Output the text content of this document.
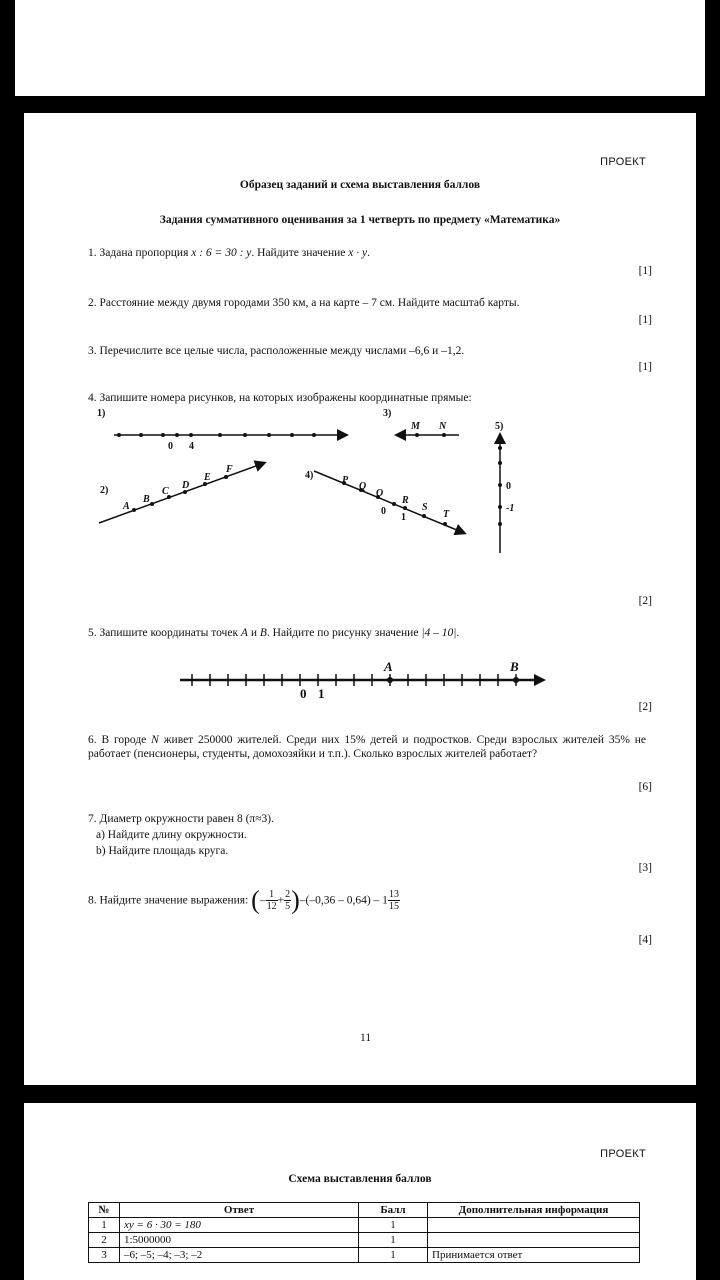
ПРОЕКТ
Образец заданий и схема выставления баллов
Задания суммативного оценивания за 1 четверть по предмету «Математика»
1. Задана пропорция x : 6 = 30 : y. Найдите значение x · y.
[1]
2. Расстояние между двумя городами 350 км, а на карте – 7 см. Найдите масштаб карты.
[1]
3. Перечислите все целые числа, расположенные между числами –6,6 и –1,2.
[1]
4. Запишите номера рисунков, на которых изображены координатные прямые:
1)
0 4
2)
A
B
C
D
E
F
3)
M N
4)	P
Q
O
R
S
T
0
1
5)
0
-1
[2]
5. Запишите координаты точек A и B. Найдите по рисунку значение |4 – 10|.
0 1
A	B
[2]
6. В городе N живет 250000 жителей. Среди них 15% детей и подростков. Среди взрослых жителей 35% не работает (пенсионеры, студенты, домохозяйки и т.п.). Сколько взрослых жителей работает?
[6]
7. Диаметр окружности равен 8 (π≈3).
a) Найдите длину окружности.
b) Найдите площадь круга.
[3]
8. Найдите значение выражения: (– $\frac{1}{12} + \frac{2}{5} )-(-0,36 - 0,64) - 1 \frac{13}{15}$
[4]
11
ПРОЕКТ
Схема выставления баллов
№	Ответ	Балл	Дополнительная информация
1	xy = 6 · 30 = 180	1	
2	1:5000000	1	
3	–6; –5; –4; –3; –2	1	Принимается ответ
